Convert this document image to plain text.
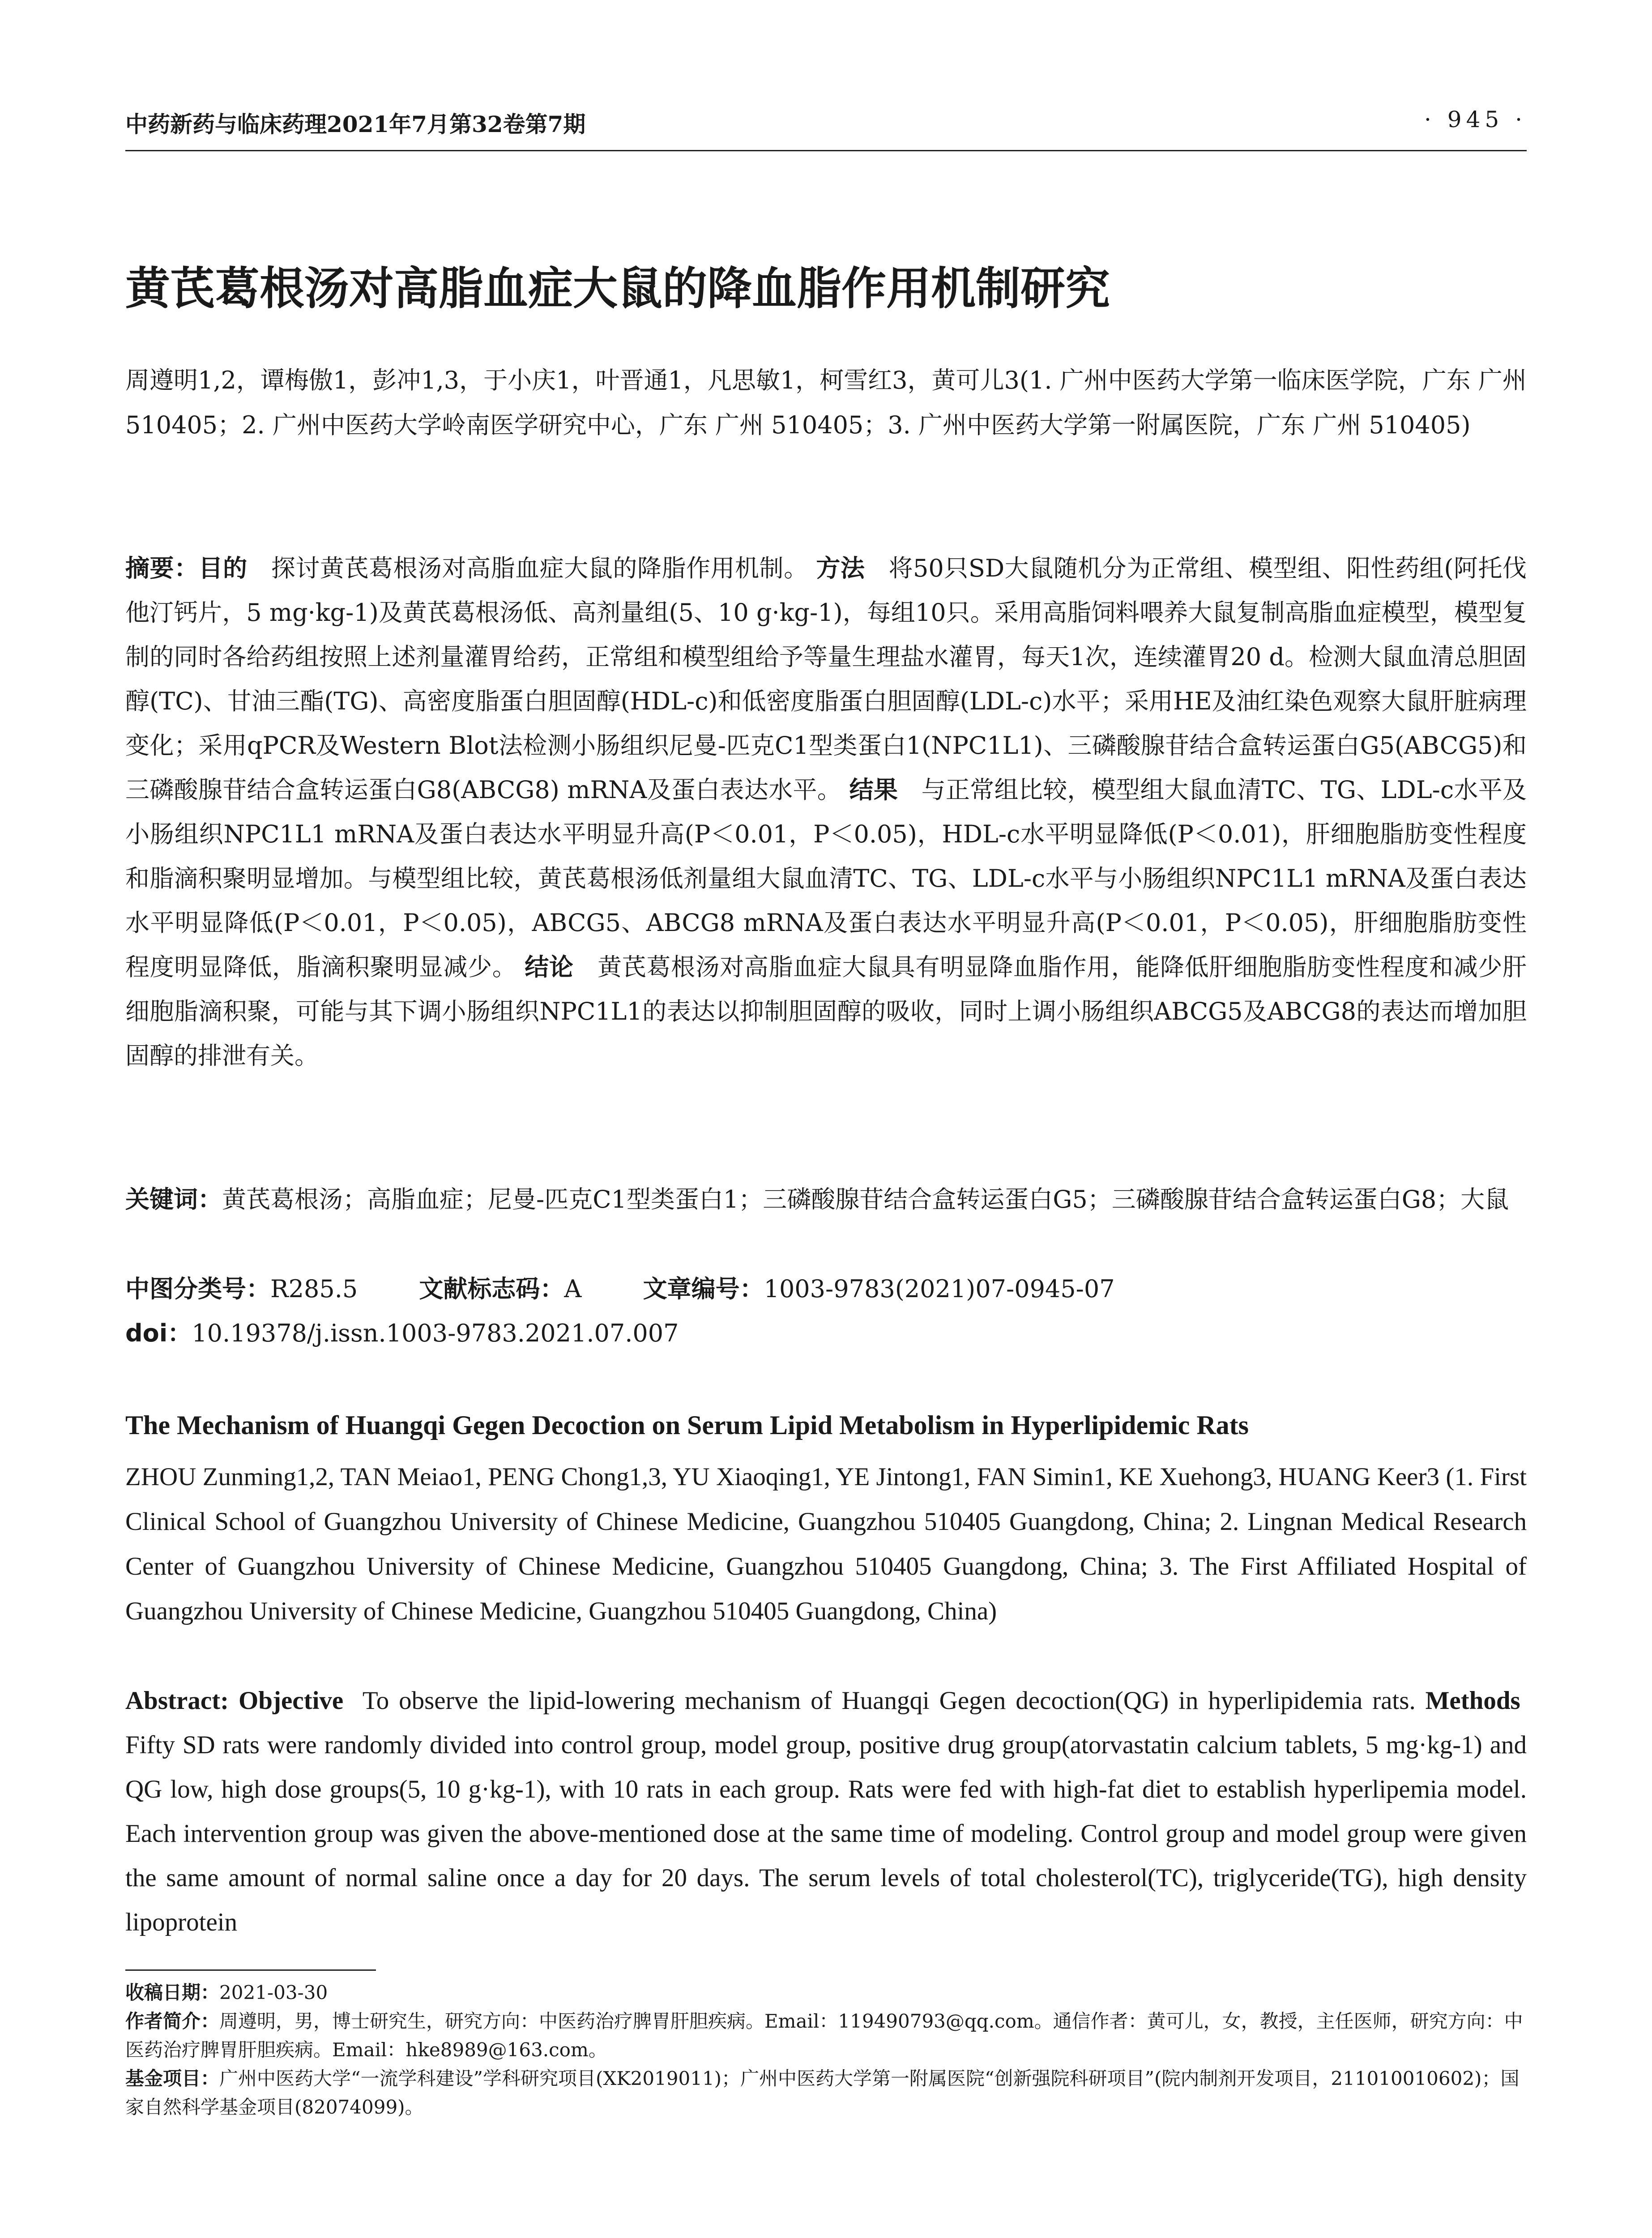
中药新药与临床药理2021年7月第32卷第7期	· 945 ·
黄芪葛根汤对高脂血症大鼠的降血脂作用机制研究
周遵明1,2，谭梅傲1，彭冲1,3，于小庆1，叶晋通1，凡思敏1，柯雪红3，黄可儿3(1. 广州中医药大学第一临床医学院，广东 广州 510405；2. 广州中医药大学岭南医学研究中心，广东 广州 510405；3. 广州中医药大学第一附属医院，广东 广州 510405)
摘要：目的 探讨黄芪葛根汤对高脂血症大鼠的降脂作用机制。 方法 将50只SD大鼠随机分为正常组、模型组、阳性药组(阿托伐他汀钙片，5 mg·kg-1)及黄芪葛根汤低、高剂量组(5、10 g·kg-1)，每组10只。采用高脂饲料喂养大鼠复制高脂血症模型，模型复制的同时各给药组按照上述剂量灌胃给药，正常组和模型组给予等量生理盐水灌胃，每天1次，连续灌胃20 d。检测大鼠血清总胆固醇(TC)、甘油三酯(TG)、高密度脂蛋白胆固醇(HDL-c)和低密度脂蛋白胆固醇(LDL-c)水平；采用HE及油红染色观察大鼠肝脏病理变化；采用qPCR及Western Blot法检测小肠组织尼曼-匹克C1型类蛋白1(NPC1L1)、三磷酸腺苷结合盒转运蛋白G5(ABCG5)和三磷酸腺苷结合盒转运蛋白G8(ABCG8) mRNA及蛋白表达水平。 结果 与正常组比较，模型组大鼠血清TC、TG、LDL-c水平及小肠组织NPC1L1 mRNA及蛋白表达水平明显升高(P＜0.01，P＜0.05)，HDL-c水平明显降低(P＜0.01)，肝细胞脂肪变性程度和脂滴积聚明显增加。与模型组比较，黄芪葛根汤低剂量组大鼠血清TC、TG、LDL-c水平与小肠组织NPC1L1 mRNA及蛋白表达水平明显降低(P＜0.01，P＜0.05)，ABCG5、ABCG8 mRNA及蛋白表达水平明显升高(P＜0.01，P＜0.05)，肝细胞脂肪变性程度明显降低，脂滴积聚明显减少。 结论 黄芪葛根汤对高脂血症大鼠具有明显降血脂作用，能降低肝细胞脂肪变性程度和减少肝细胞脂滴积聚，可能与其下调小肠组织NPC1L1的表达以抑制胆固醇的吸收，同时上调小肠组织ABCG5及ABCG8的表达而增加胆固醇的排泄有关。
关键词：黄芪葛根汤；高脂血症；尼曼-匹克C1型类蛋白1；三磷酸腺苷结合盒转运蛋白G5；三磷酸腺苷结合盒转运蛋白G8；大鼠
中图分类号：R285.5	文献标志码：A	文章编号：1003-9783(2021)07-0945-07
doi：10.19378/j.issn.1003-9783.2021.07.007
The Mechanism of Huangqi Gegen Decoction on Serum Lipid Metabolism in Hyperlipidemic Rats
ZHOU Zunming1,2, TAN Meiao1, PENG Chong1,3, YU Xiaoqing1, YE Jintong1, FAN Simin1, KE Xuehong3, HUANG Keer3 (1. First Clinical School of Guangzhou University of Chinese Medicine, Guangzhou 510405 Guangdong, China; 2. Lingnan Medical Research Center of Guangzhou University of Chinese Medicine, Guangzhou 510405 Guangdong, China; 3. The First Affiliated Hospital of Guangzhou University of Chinese Medicine, Guangzhou 510405 Guangdong, China)
Abstract: Objective To observe the lipid-lowering mechanism of Huangqi Gegen decoction(QG) in hyperlipidemia rats. Methods  Fifty SD rats were randomly divided into control group, model group, positive drug group(atorvastatin calcium tablets, 5 mg·kg-1) and QG low, high dose groups(5, 10 g·kg-1), with 10 rats in each group. Rats were fed with high-fat diet to establish hyperlipemia model. Each intervention group was given the above-mentioned dose at the same time of modeling. Control group and model group were given the same amount of normal saline once a day for 20 days. The serum levels of total cholesterol(TC), triglyceride(TG), high density lipoprotein
收稿日期：2021-03-30
作者简介：周遵明，男，博士研究生，研究方向：中医药治疗脾胃肝胆疾病。Email：119490793@qq.com。通信作者：黄可儿，女，教授，主任医师，研究方向：中医药治疗脾胃肝胆疾病。Email：hke8989@163.com。
基金项目：广州中医药大学“一流学科建设”学科研究项目(XK2019011)；广州中医药大学第一附属医院“创新强院科研项目”(院内制剂开发项目，211010010602)；国家自然科学基金项目(82074099)。
